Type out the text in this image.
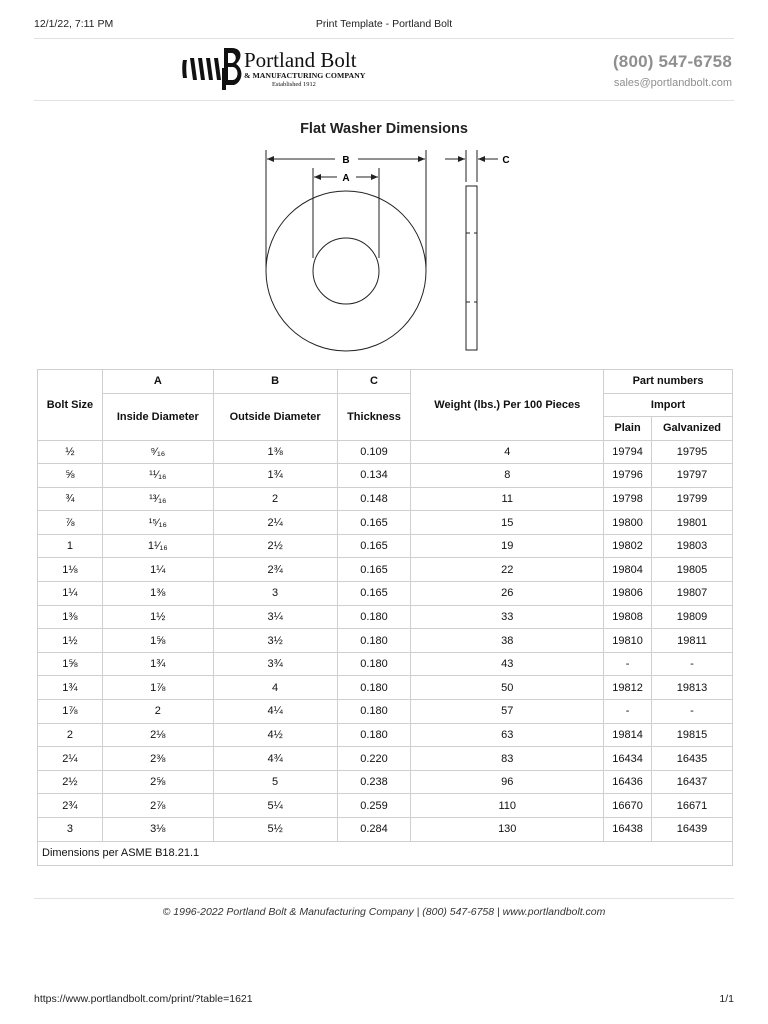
12/1/22, 7:11 PM	Print Template - Portland Bolt
Portland Bolt
& MANUFACTURING COMPANY
Established 1912
(800) 547-6758
sales@portlandbolt.com
Flat Washer Dimensions
B
A
C
Bolt Size	A	B	C	Weight (lbs.) Per 100 Pieces	Part numbers	
	Inside Diameter	Outside Diameter	Thickness		Import	
					Plain	Galvanized
½	⁹⁄₁₆	1⅜	0.109	4	19794	19795
⅝	¹¹⁄₁₆	1¾	0.134	8	19796	19797
¾	¹³⁄₁₆	2	0.148	11	19798	19799
⅞	¹⁵⁄₁₆	2¼	0.165	15	19800	19801
1	1¹⁄₁₆	2½	0.165	19	19802	19803
1⅛	1¼	2¾	0.165	22	19804	19805
1¼	1⅜	3	0.165	26	19806	19807
1⅜	1½	3¼	0.180	33	19808	19809
1½	1⅝	3½	0.180	38	19810	19811
1⅝	1¾	3¾	0.180	43	-	-
1¾	1⅞	4	0.180	50	19812	19813
1⅞	2	4¼	0.180	57	-	-
2	2⅛	4½	0.180	63	19814	19815
2¼	2⅜	4¾	0.220	83	16434	16435
2½	2⅝	5	0.238	96	16436	16437
2¾	2⅞	5¼	0.259	110	16670	16671
3	3⅛	5½	0.284	130	16438	16439
Dimensions per ASME B18.21.1						
© 1996-2022 Portland Bolt & Manufacturing Company | (800) 547-6758 | www.portlandbolt.com
https://www.portlandbolt.com/print/?table=1621	1/1
